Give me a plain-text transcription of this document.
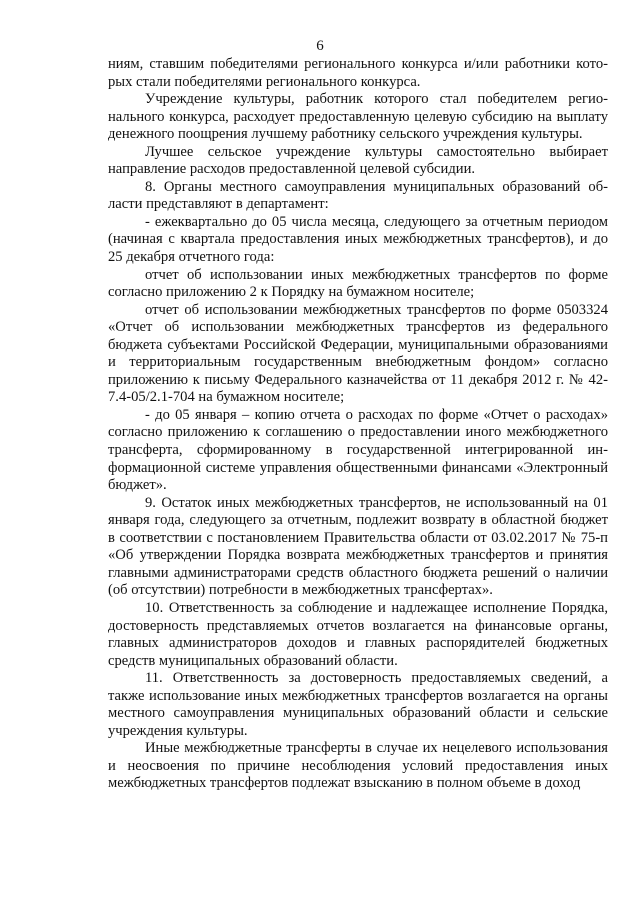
6

ниям, ставшим победителями регионального конкурса и/или работники которых стали победителями регионального конкурса.

Учреждение культуры, работник которого стал победителем регионального конкурса, расходует предоставленную целевую субсидию на выплату денежного поощрения лучшему работнику сельского учреждения культуры.

Лучшее сельское учреждение культуры самостоятельно выбирает направление расходов предоставленной целевой субсидии.

8. Органы местного самоуправления муниципальных образований области представляют в департамент:

- ежеквартально до 05 числа месяца, следующего за отчетным периодом (начиная с квартала предоставления иных межбюджетных трансфертов), и до 25 декабря отчетного года:

отчет об использовании иных межбюджетных трансфертов по форме согласно приложению 2 к Порядку на бумажном носителе;

отчет об использовании межбюджетных трансфертов по форме 0503324 «Отчет об использовании межбюджетных трансфертов из федерального бюджета субъектами Российской Федерации, муниципальными образованиями и территориальным государственным внебюджетным фондом» согласно приложению к письму Федерального казначейства от 11 декабря 2012 г. № 42-7.4-05/2.1-704 на бумажном носителе;

- до 05 января – копию отчета о расходах по форме «Отчет о расходах» согласно приложению к соглашению о предоставлении иного межбюджетного трансферта, сформированному в государственной интегрированной информационной системе управления общественными финансами «Электронный бюджет».

9. Остаток иных межбюджетных трансфертов, не использованный на 01 января года, следующего за отчетным, подлежит возврату в областной бюджет в соответствии с постановлением Правительства области от 03.02.2017 № 75-п «Об утверждении Порядка возврата межбюджетных трансфертов и принятия главными администраторами средств областного бюджета решений о наличии (об отсутствии) потребности в межбюджетных трансфертах».

10. Ответственность за соблюдение и надлежащее исполнение Порядка, достоверность представляемых отчетов возлагается на финансовые органы, главных администраторов доходов и главных распорядителей бюджетных средств муниципальных образований области.

11. Ответственность за достоверность предоставляемых сведений, а также использование иных межбюджетных трансфертов возлагается на органы местного самоуправления муниципальных образований области и сельские учреждения культуры.

Иные межбюджетные трансферты в случае их нецелевого использования и неосвоения по причине несоблюдения условий предоставления иных межбюджетных трансфертов подлежат взысканию в полном объеме в доход
